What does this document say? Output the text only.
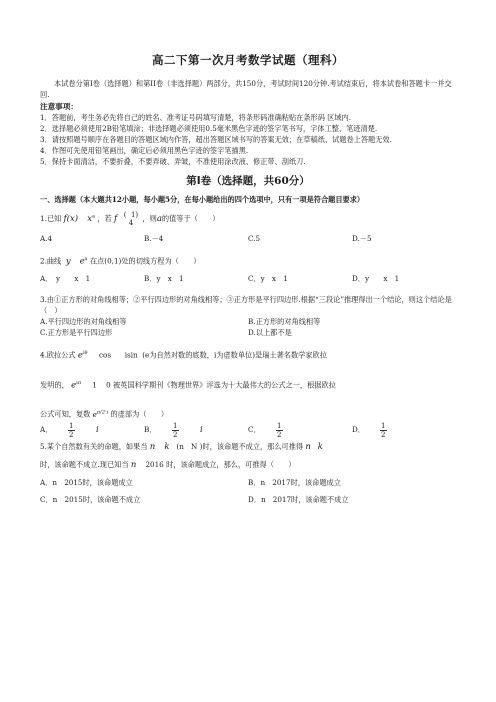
高二下第一次月考数学试题（理科）

本试卷分第I卷（选择题）和第II卷（非选择题）两部分，共150分，考试时间120分钟.考试结束后，将本试卷和答题卡一并交回.

注意事项：

1．答题前，考生务必先将自己的姓名、准考证号码填写清楚，将条形码准确粘贴在条形码 区域内.

2．选择题必须使用2B铅笔填涂；非选择题必须使用0.5毫米黑色字迹的签字笔书写，字体工整、笔迹清楚.

3．请按照题号顺序在各题目的答题区域内作答，超出答题区域书写的答案无效；在草稿纸、试题卷上答题无效.

4．作图可先使用铅笔画出，确定后必须用黑色字迹的签字笔描黑.

5．保持卡面清洁，不要折叠，不要弄破、弄皱，不准使用涂改液、修正带、刮纸刀.

第Ⅰ卷（选择题，共60分）

一、选择题（本大题共12小题，每小题5分，在每小题给出的四个选项中，只有一项是符合题目要求）

1.已知 f(x) $x^a$ ，若 f ( 1)
4	，则a的值等于（　　）
A.4	B.－4	C.5	D.－5
2.曲线 y $e^x$ 在点(0,1)处的切线方程为（　　）
A．　y　　x　1	B．y　x　1	C．y　x　1	D．y　　x　1

3.由①正方形的对角线相等；②平行四边形的对角线相等；③正方形是平行四边形.根据“三段论”推理得出一个结论，则这个结论是（　）

A.平行四边形的对角线相等	B.正方形的对角线相等
C.正方形是平行四边形	D.以上都不是
4.欧拉公式 $e^{i\theta}$ cos isin (e为自然对数的底数，i为虚数单位)是瑞士著名数学家欧拉
发明的， $e^{i\pi}$ 1 0 被英国科学期刊《物理世界》评选为十大最伟大的公式之一，根据欧拉
公式可知，复数 $e^{\pi/2\cdot i}$ 的虚部为（　　）
A． $\frac{1}{2}$ i	B． $\frac{1}{2}$ i	C． $\frac{1}{2}$	D． $\frac{1}{2}$
5.某个自然数有关的命题，如果当 n k (n　N )时，该命题不成立，那么可推得 n k
时，该命题不成立.现已知当 n 2016 时，该命题成立，那么，可推得（　　）
A．n　2015时，该命题成立	B．n　2017时，该命题成立
C．n　2015时，该命题不成立	D．n　2017时，该命题不成立
